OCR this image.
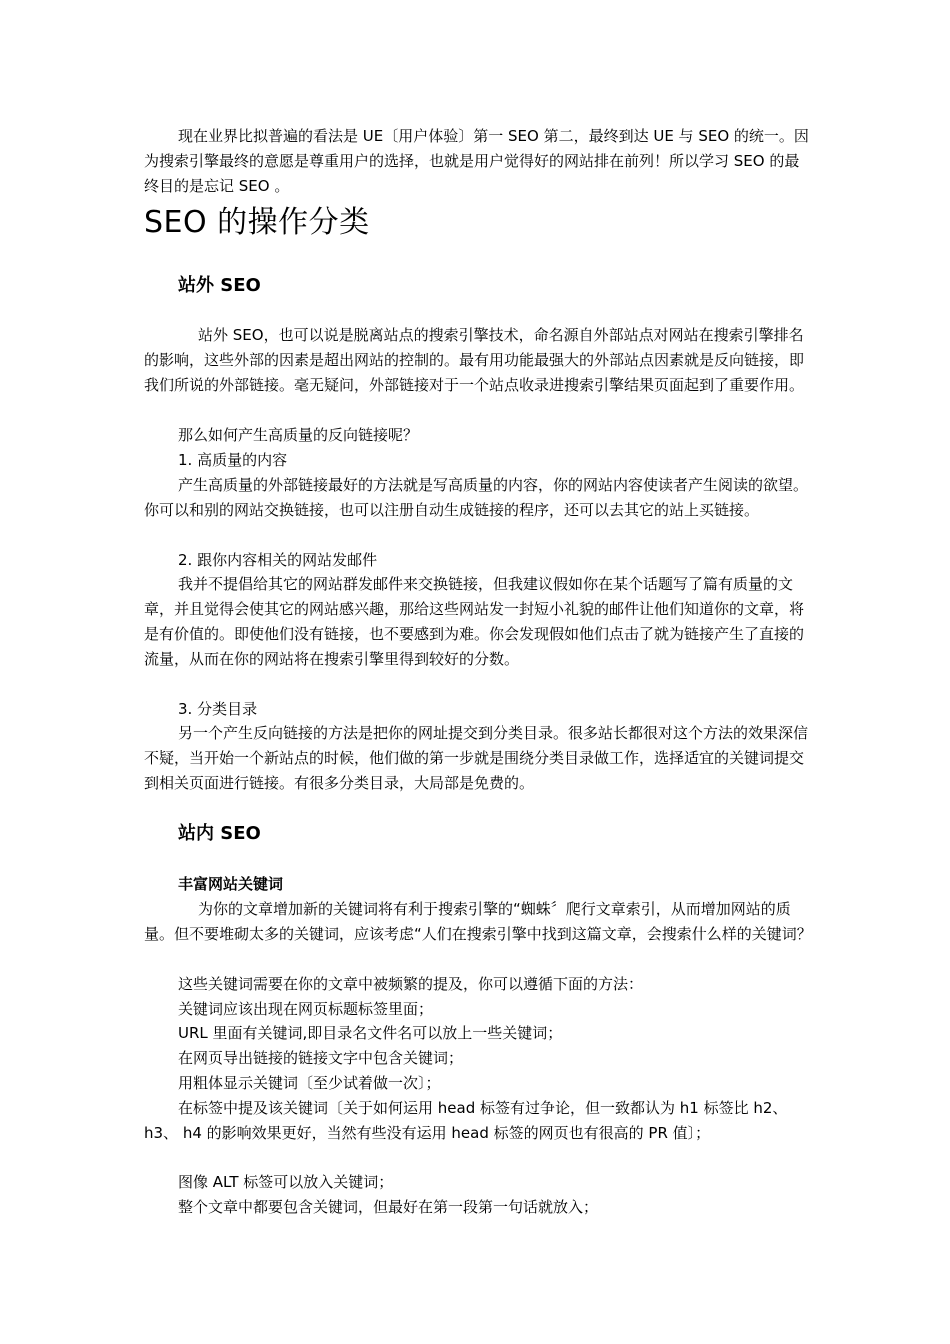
现在业界比拟普遍的看法是 UE〔用户体验〕第一 SEO 第二，最终到达 UE 与 SEO 的统一。因为搜索引擎最终的意愿是尊重用户的选择，也就是用户觉得好的网站排在前列！所以学习 SEO 的最终目的是忘记 SEO 。

SEO 的操作分类
站外 SEO

站外 SEO，也可以说是脱离站点的搜索引擎技术，命名源自外部站点对网站在搜索引擎排名的影响，这些外部的因素是超出网站的控制的。最有用功能最强大的外部站点因素就是反向链接，即我们所说的外部链接。毫无疑问，外部链接对于一个站点收录进搜索引擎结果页面起到了重要作用。

那么如何产生高质量的反向链接呢？

1. 高质量的内容

产生高质量的外部链接最好的方法就是写高质量的内容，你的网站内容使读者产生阅读的欲望。你可以和别的网站交换链接，也可以注册自动生成链接的程序，还可以去其它的站上买链接。

2. 跟你内容相关的网站发邮件

我并不提倡给其它的网站群发邮件来交换链接，但我建议假如你在某个话题写了篇有质量的文章，并且觉得会使其它的网站感兴趣，那给这些网站发一封短小礼貌的邮件让他们知道你的文章，将是有价值的。即使他们没有链接，也不要感到为难。你会发现假如他们点击了就为链接产生了直接的流量，从而在你的网站将在搜索引擎里得到较好的分数。

3. 分类目录

另一个产生反向链接的方法是把你的网址提交到分类目录。很多站长都很对这个方法的效果深信不疑，当开始一个新站点的时候，他们做的第一步就是围绕分类目录做工作，选择适宜的关键词提交到相关页面进行链接。有很多分类目录，大局部是免费的。

站内 SEO
丰富网站关键词

为你的文章增加新的关键词将有利于搜索引擎的“蜘蛛〞爬行文章索引，从而增加网站的质量。但不要堆砌太多的关键词，应该考虑“人们在搜索引擎中找到这篇文章，会搜索什么样的关键词？

这些关键词需要在你的文章中被频繁的提及，你可以遵循下面的方法：

关键词应该出现在网页标题标签里面；

URL 里面有关键词,即目录名文件名可以放上一些关键词；

在网页导出链接的链接文字中包含关键词；

用粗体显示关键词〔至少试着做一次〕；

在标签中提及该关键词〔关于如何运用 head 标签有过争论，但一致都认为 h1 标签比 h2、h3、 h4 的影响效果更好，当然有些没有运用 head 标签的网页也有很高的 PR 值〕；

图像 ALT 标签可以放入关键词；

整个文章中都要包含关键词，但最好在第一段第一句话就放入；
